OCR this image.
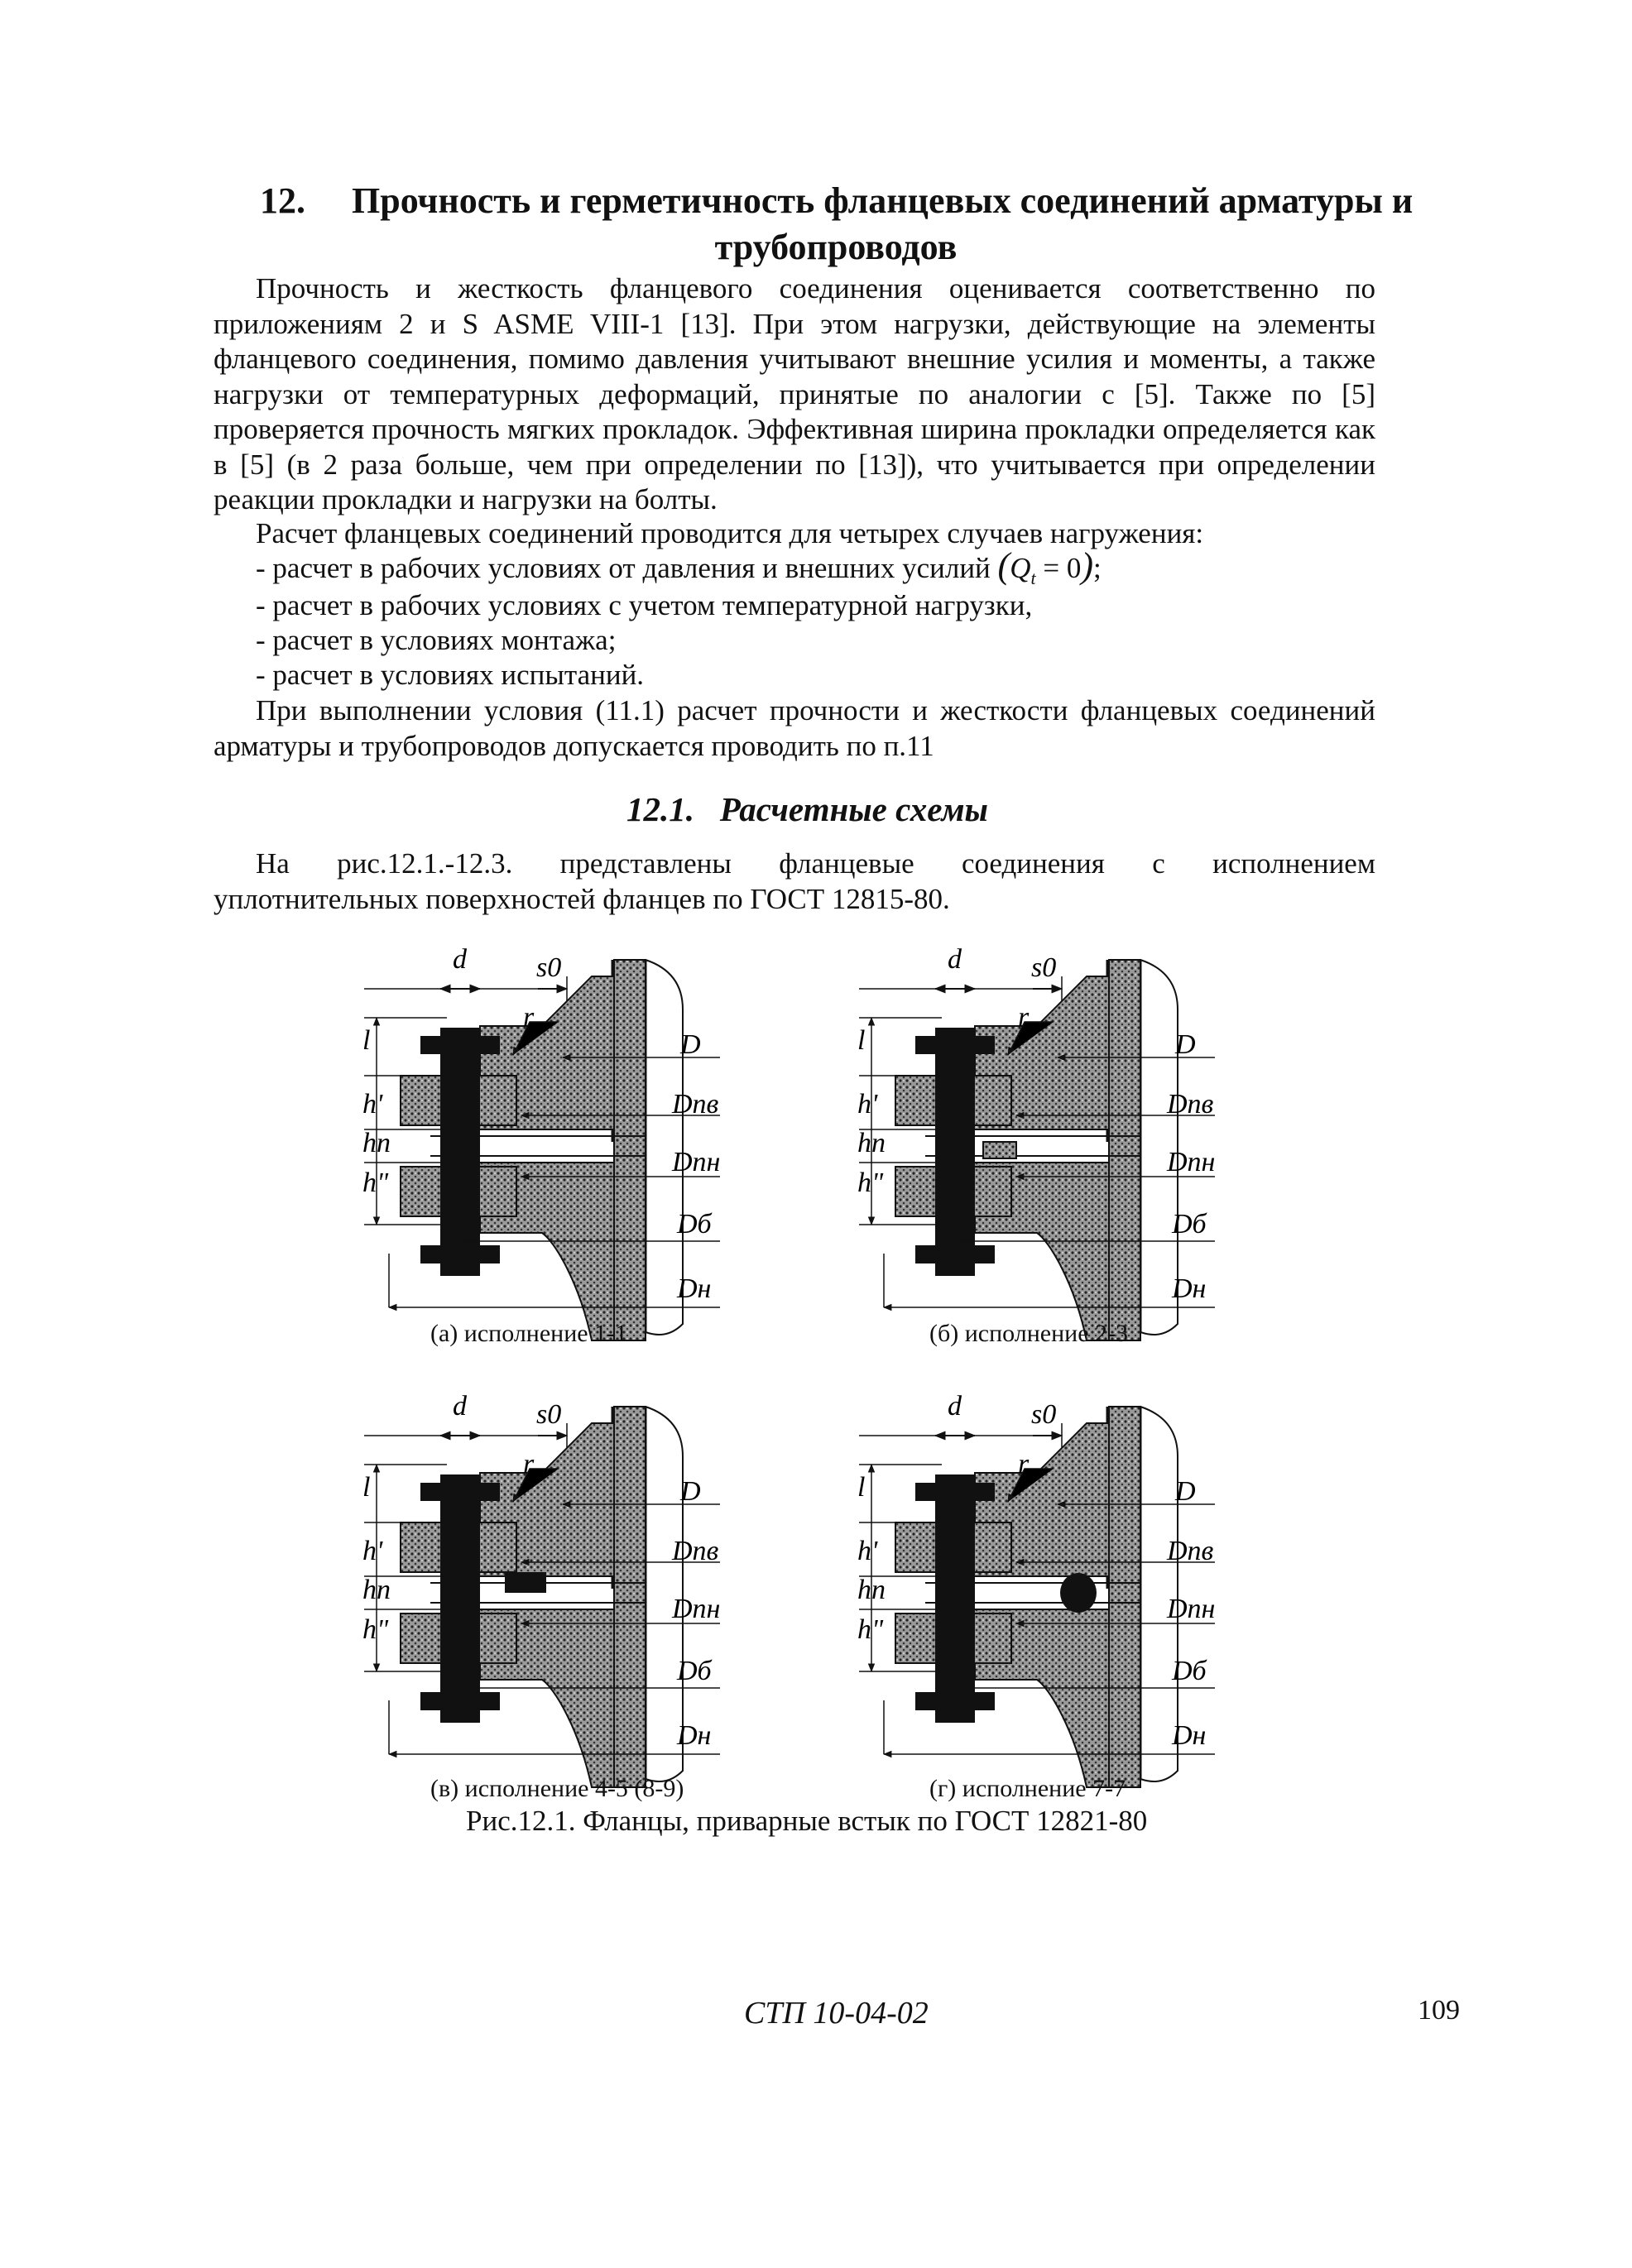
12. Прочность и герметичность фланцевых соединений арматуры и
трубопроводов
Прочность и жесткость фланцевого соединения оценивается соответственно по
приложениям 2 и S ASME VIII-1 [13]. При этом нагрузки, действующие на элементы
фланцевого соединения, помимо давления учитывают внешние усилия и моменты, а также
нагрузки от температурных деформаций, принятые по аналогии с [5]. Также по [5]
проверяется прочность мягких прокладок. Эффективная ширина прокладки определяется как
в [5] (в 2 раза больше, чем при определении по [13]), что учитывается при определении
реакции прокладки и нагрузки на болты.
Расчет фланцевых соединений проводится для четырех случаев нагружения:
- расчет в рабочих условиях от давления и внешних усилий $(Q_t = 0)$;
- расчет в рабочих условиях с учетом температурной нагрузки,
- расчет в условиях монтажа;
- расчет в условиях испытаний.
При выполнении условия (11.1) расчет прочности и жесткости фланцевых соединений
арматуры и трубопроводов допускается проводить по п.11
12.1. Расчетные схемы
На рис.12.1.-12.3. представлены фланцевые соединения с исполнением
уплотнительных поверхностей фланцев по ГОСТ 12815-80.
d s0
r
l
h'
hп
h"
D
Dпв
Dпн
Dб
Dн
d s0
r
l
h'
hп
h"
D
Dпв
Dпн
Dб
Dн
d s0
r
l
h'
hп
h"
D
Dпв
Dпн
Dб
Dн
d s0
r
l
h'
hп
h"
D
Dпв
Dпн
Dб
Dн
(а) исполнение 1-1	(б) исполнение 2-3
(в) исполнение 4-5 (8-9)	(г) исполнение 7-7
Рис.12.1. Фланцы, приварные встык по ГОСТ 12821-80
СТП 10-04-02	109
